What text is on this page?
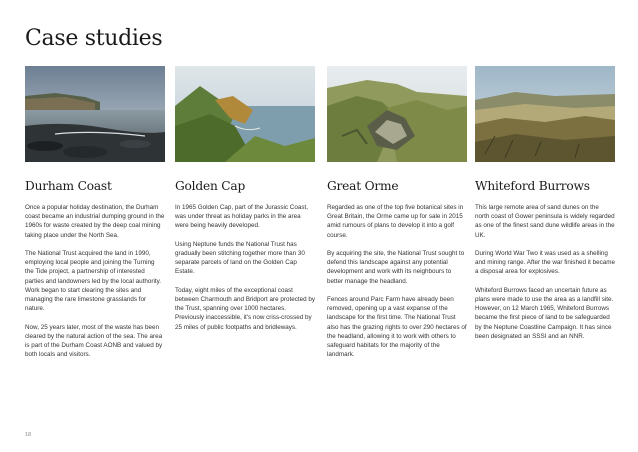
Case studies
Durham Coast

Once a popular holiday destination, the Durham coast became an industrial dumping ground in the 1960s for waste created by the deep coal mining taking place under the North Sea.

The National Trust acquired the land in 1990, employing local people and joining the Turning the Tide project, a partnership of interested parties and landowners led by the local authority. Work began to start clearing the sites and managing the rare limestone grasslands for nature.

Now, 25 years later, most of the waste has been cleared by the natural action of the sea. The area is part of the Durham Coast AONB and valued by both locals and visitors.

Golden Cap

In 1965 Golden Cap, part of the Jurassic Coast, was under threat as holiday parks in the area were being heavily developed.

Using Neptune funds the National Trust has gradually been stitching together more than 30 separate parcels of land on the Golden Cap Estate.

Today, eight miles of the exceptional coast between Charmouth and Bridport are protected by the Trust, spanning over 1000 hectares. Previously inaccessible, it's now criss-crossed by 25 miles of public footpaths and bridleways.

Great Orme

Regarded as one of the top five botanical sites in Great Britain, the Orme came up for sale in 2015 amid rumours of plans to develop it into a golf course.

By acquiring the site, the National Trust sought to defend this landscape against any potential development and work with its neighbours to better manage the headland.

Fences around Parc Farm have already been removed, opening up a vast expanse of the landscape for the first time. The National Trust also has the grazing rights to over 290 hectares of the headland, allowing it to work with others to safeguard habitats for the majority of the landmark.

Whiteford Burrows

This large remote area of sand dunes on the north coast of Gower peninsula is widely regarded as one of the finest sand dune wildlife areas in the UK.

During World War Two it was used as a shelling and mining range. After the war finished it became a disposal area for explosives.

Whiteford Burrows faced an uncertain future as plans were made to use the area as a landfill site. However, on 12 March 1965, Whiteford Burrows became the first piece of land to be safeguarded by the Neptune Coastline Campaign. It has since been designated an SSSI and an NNR.

18
